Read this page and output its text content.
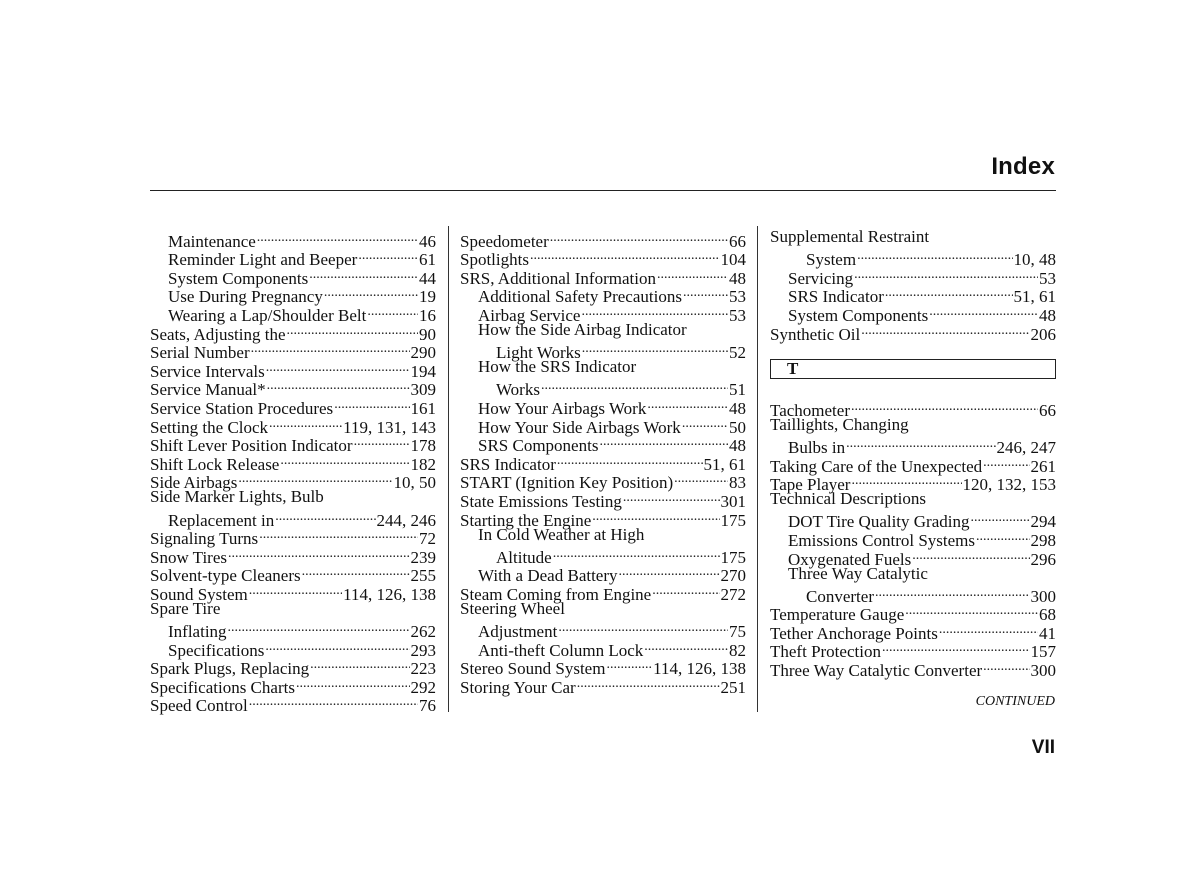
Index
Maintenance .....	46
Reminder Light and Beeper .....	61
System Components .....	44
Use During Pregnancy .....	19
Wearing a Lap/Shoulder Belt .....	16
Seats, Adjusting the .....	90
Serial Number .....	290
Service Intervals .....	194
Service Manual* .....	309
Service Station Procedures .....	161
Setting the Clock .....	119, 131, 143
Shift Lever Position Indicator .....	178
Shift Lock Release .....	182
Side Airbags .....	10, 50
Side Marker Lights, Bulb
Replacement in .....	244, 246
Signaling Turns .....	72
Snow Tires .....	239
Solvent-type Cleaners .....	255
Sound System .....	114, 126, 138
Spare Tire
Inflating .....	262
Specifications .....	293
Spark Plugs, Replacing .....	223
Specifications Charts .....	292
Speed Control .....	76
Speedometer .....	66
Spotlights .....	104
SRS, Additional Information .....	48
Additional Safety Precautions .....	53
Airbag Service .....	53
How the Side Airbag Indicator
Light Works .....	52
How the SRS Indicator
Works .....	51
How Your Airbags Work .....	48
How Your Side Airbags Work .....	50
SRS Components .....	48
SRS Indicator .....	51, 61
START (Ignition Key Position) .....	83
State Emissions Testing .....	301
Starting the Engine .....	175
In Cold Weather at High
Altitude .....	175
With a Dead Battery .....	270
Steam Coming from Engine .....	272
Steering Wheel
Adjustment .....	75
Anti-theft Column Lock .....	82
Stereo Sound System .....	114, 126, 138
Storing Your Car .....	251
Supplemental Restraint
System .....	10, 48
Servicing .....	53
SRS Indicator .....	51, 61
System Components .....	48
Synthetic Oil .....	206
T
Tachometer .....	66
Taillights, Changing
Bulbs in .....	246, 247
Taking Care of the Unexpected .....	261
Tape Player .....	120, 132, 153
Technical Descriptions
DOT Tire Quality Grading .....	294
Emissions Control Systems .....	298
Oxygenated Fuels .....	296
Three Way Catalytic
Converter .....	300
Temperature Gauge .....	68
Tether Anchorage Points .....	41
Theft Protection .....	157
Three Way Catalytic Converter .....	300
CONTINUED
VII
